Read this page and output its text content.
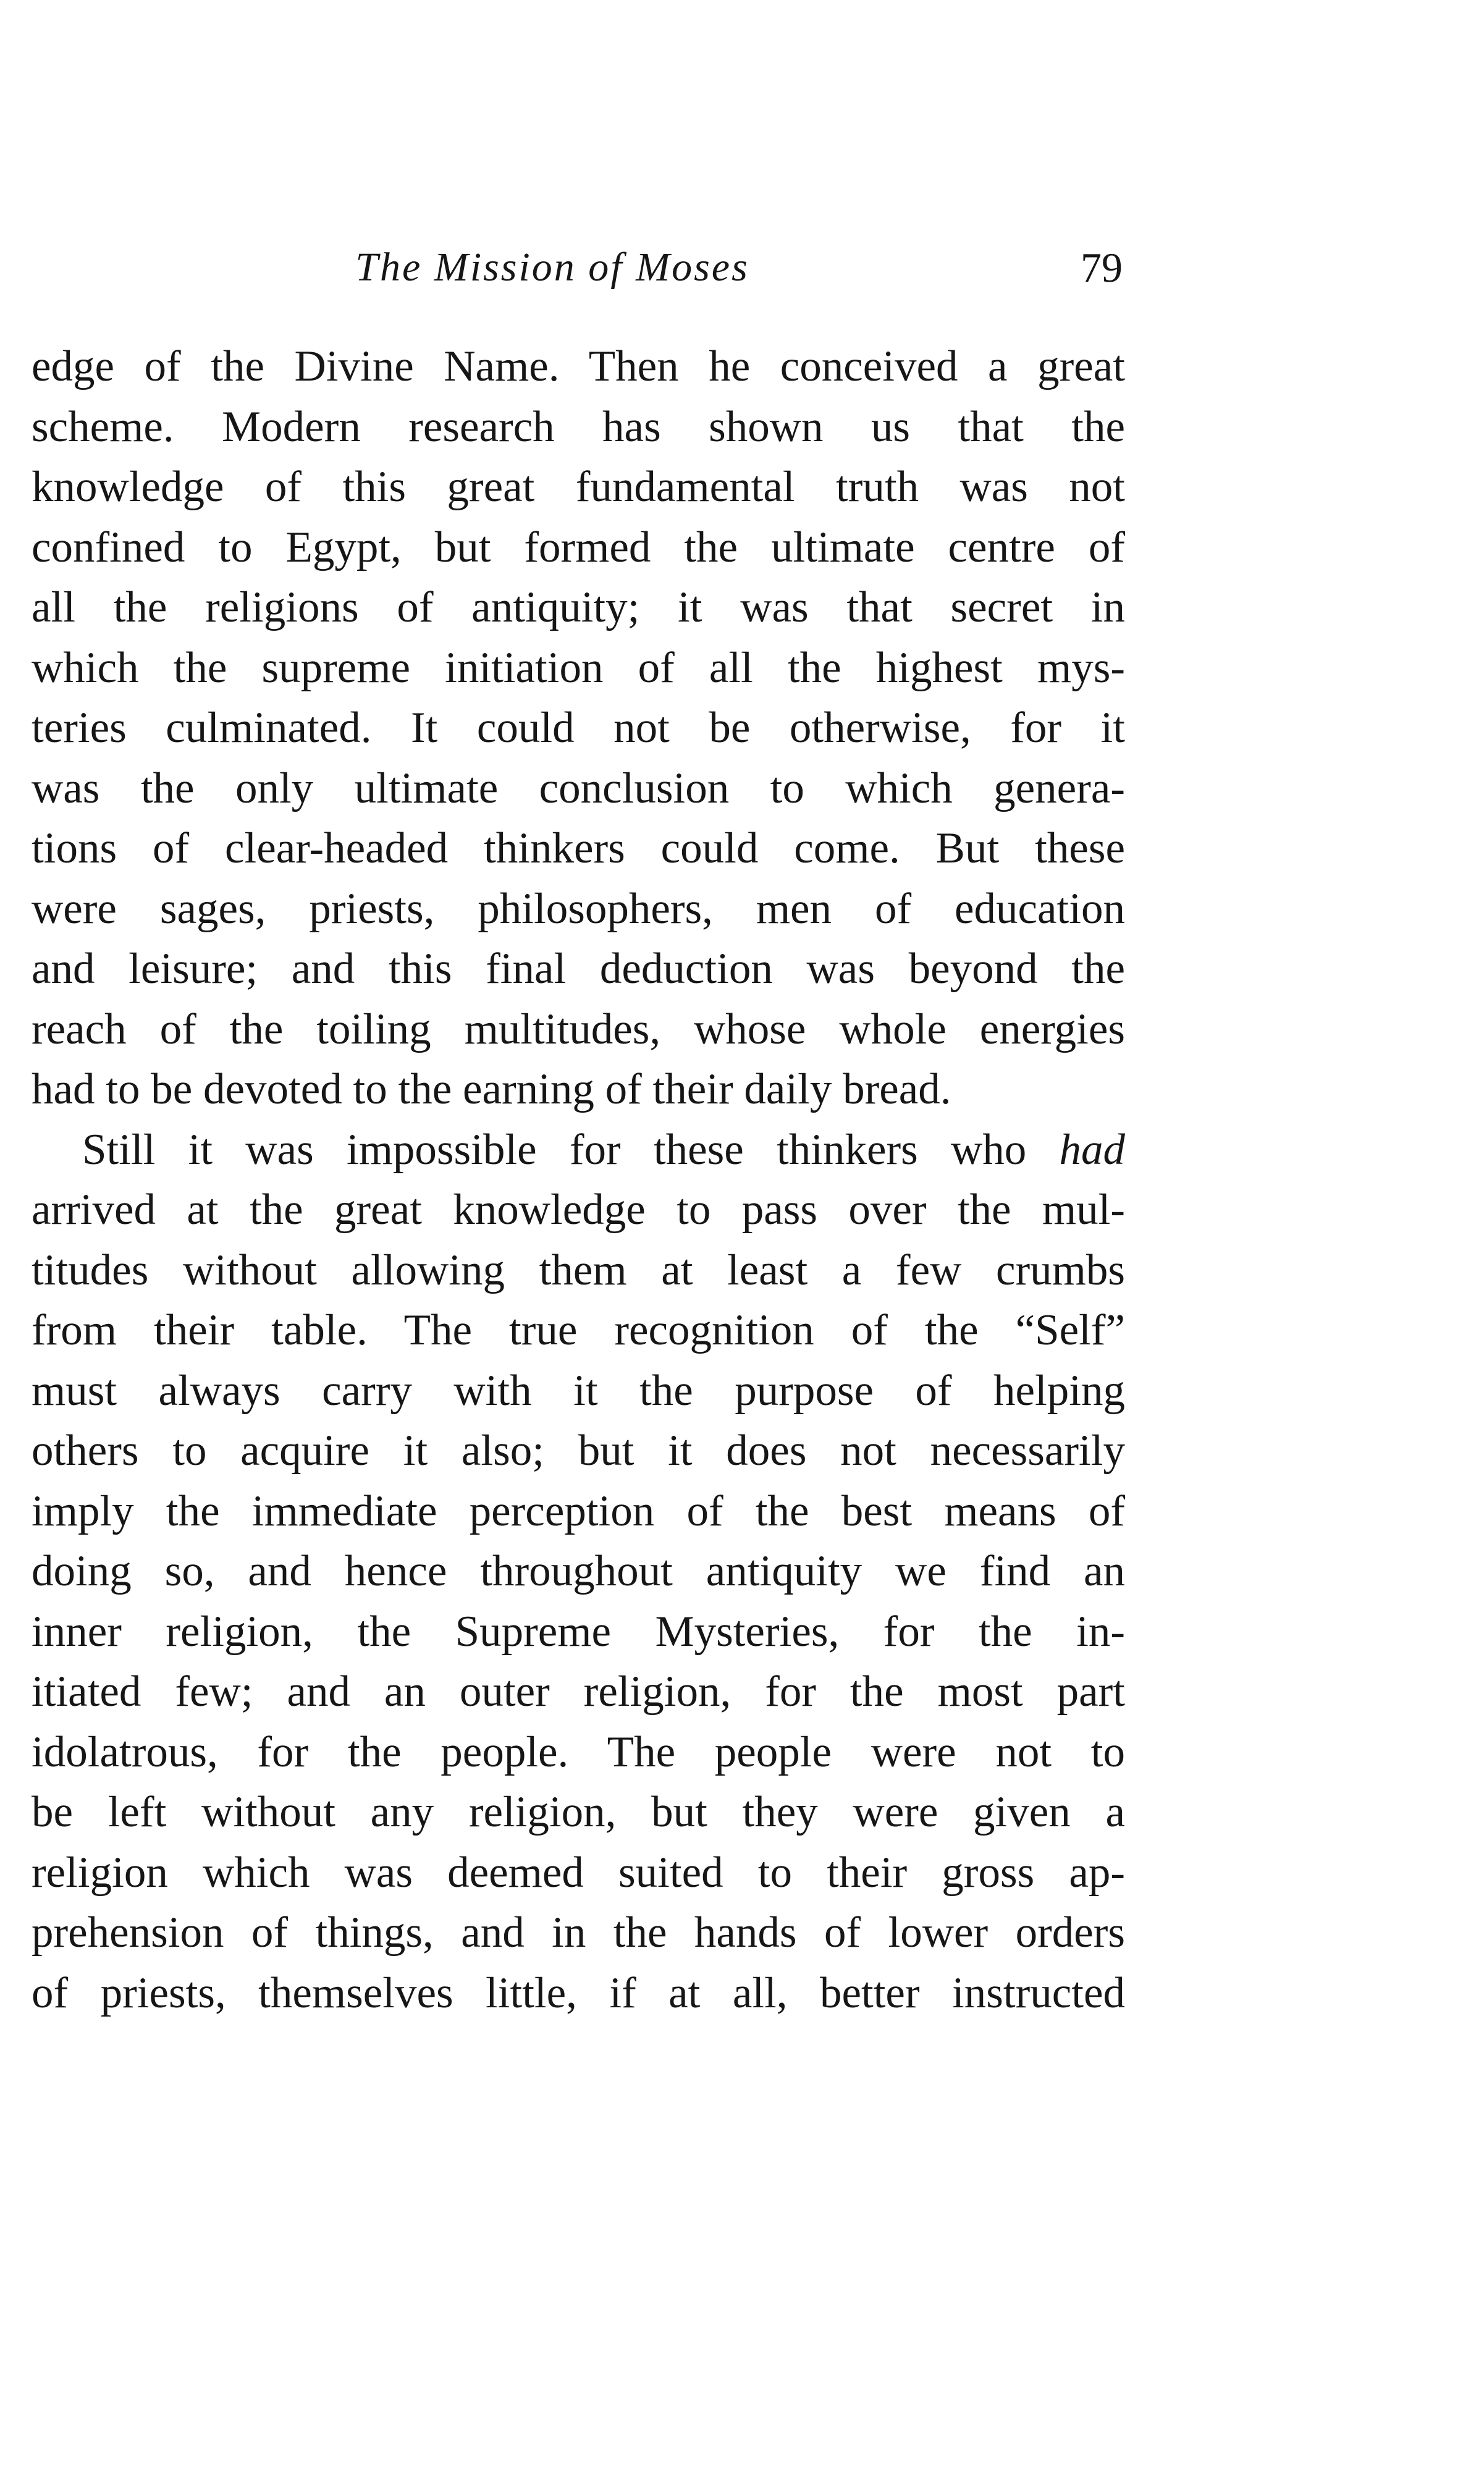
The Mission of Moses	79
edge of the Divine Name. Then he conceived a great
scheme. Modern research has shown us that the
knowledge of this great fundamental truth was not
confined to Egypt, but formed the ultimate centre of
all the religions of antiquity; it was that secret in
which the supreme initiation of all the highest mys-
teries culminated. It could not be otherwise, for it
was the only ultimate conclusion to which genera-
tions of clear-headed thinkers could come. But these
were sages, priests, philosophers, men of education
and leisure; and this final deduction was beyond the
reach of the toiling multitudes, whose whole energies
had to be devoted to the earning of their daily bread.
Still it was impossible for these thinkers who had
arrived at the great knowledge to pass over the mul-
titudes without allowing them at least a few crumbs
from their table. The true recognition of the “Self”
must always carry with it the purpose of helping
others to acquire it also; but it does not necessarily
imply the immediate perception of the best means of
doing so, and hence throughout antiquity we find an
inner religion, the Supreme Mysteries, for the in-
itiated few; and an outer religion, for the most part
idolatrous, for the people. The people were not to
be left without any religion, but they were given a
religion which was deemed suited to their gross ap-
prehension of things, and in the hands of lower orders
of priests, themselves little, if at all, better instructed
